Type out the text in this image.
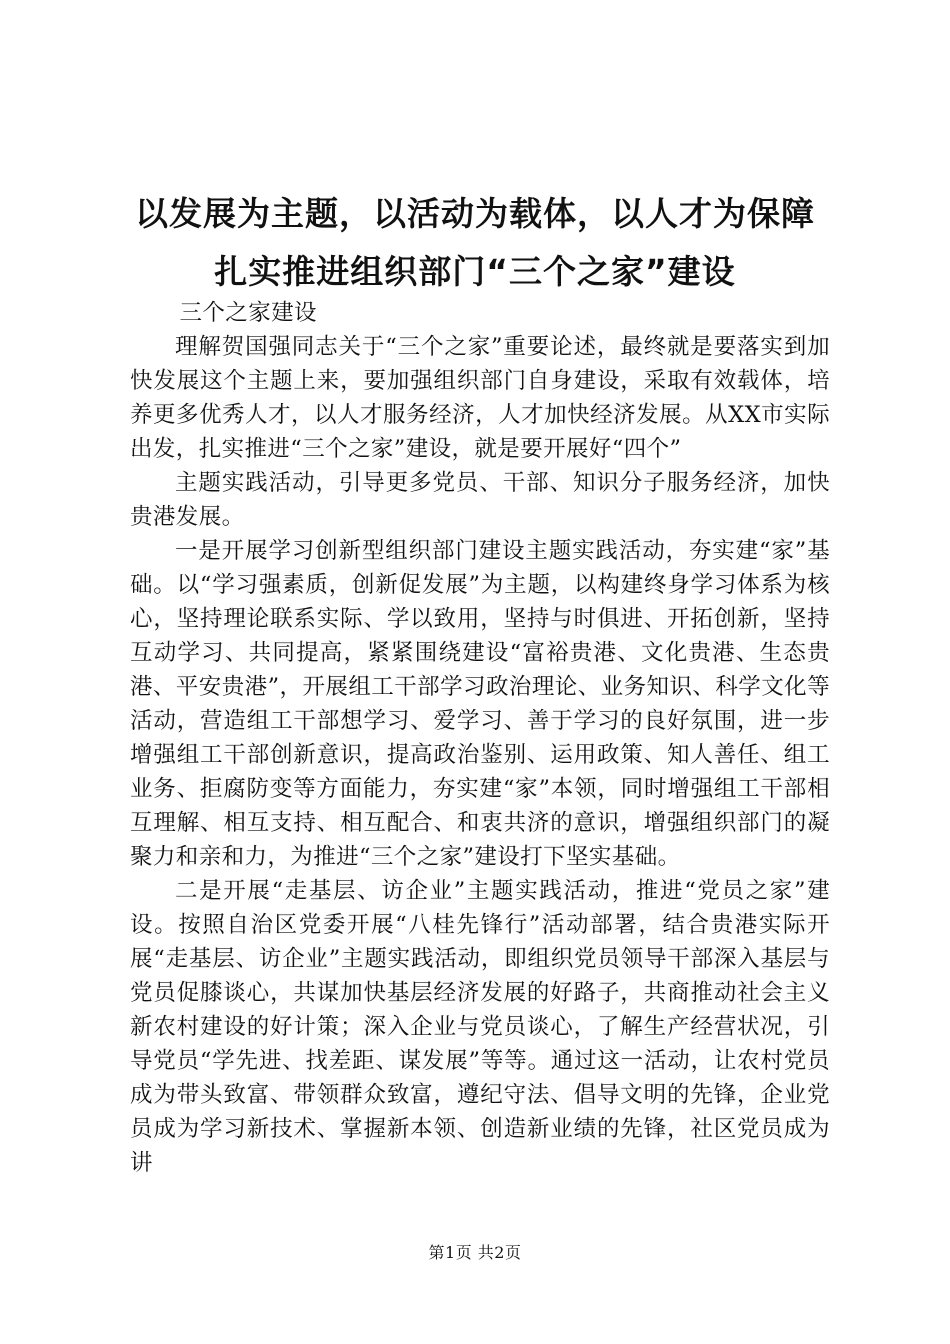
以发展为主题，以活动为载体，以人才为保障
扎实推进组织部门“三个之家”建设

三个之家建设

理解贺国强同志关于“三个之家”重要论述，最终就是要落实到加快发展这个主题上来，要加强组织部门自身建设，采取有效载体，培养更多优秀人才，以人才服务经济，人才加快经济发展。从XX市实际出发，扎实推进“三个之家”建设，就是要开展好“四个”

主题实践活动，引导更多党员、干部、知识分子服务经济，加快贵港发展。

一是开展学习创新型组织部门建设主题实践活动，夯实建“家”基础。以“学习强素质，创新促发展”为主题，以构建终身学习体系为核心，坚持理论联系实际、学以致用，坚持与时俱进、开拓创新，坚持互动学习、共同提高，紧紧围绕建设“富裕贵港、文化贵港、生态贵港、平安贵港”，开展组工干部学习政治理论、业务知识、科学文化等活动，营造组工干部想学习、爱学习、善于学习的良好氛围，进一步增强组工干部创新意识，提高政治鉴别、运用政策、知人善任、组工业务、拒腐防变等方面能力，夯实建“家”本领，同时增强组工干部相互理解、相互支持、相互配合、和衷共济的意识，增强组织部门的凝聚力和亲和力，为推进“三个之家”建设打下坚实基础。

二是开展“走基层、访企业”主题实践活动，推进“党员之家”建设。按照自治区党委开展“八桂先锋行”活动部署，结合贵港实际开展“走基层、访企业”主题实践活动，即组织党员领导干部深入基层与党员促膝谈心，共谋加快基层经济发展的好路子，共商推动社会主义新农村建设的好计策；深入企业与党员谈心，了解生产经营状况，引导党员“学先进、找差距、谋发展”等等。通过这一活动，让农村党员成为带头致富、带领群众致富，遵纪守法、倡导文明的先锋，企业党员成为学习新技术、掌握新本领、创造新业绩的先锋，社区党员成为讲

第1页 共2页
